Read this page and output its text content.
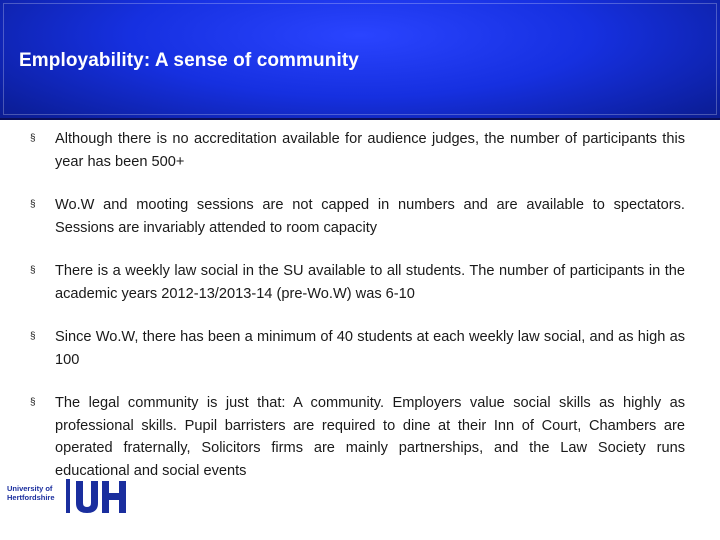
Employability: A sense of community
§	Although there is no accreditation available for audience judges, the number of participants this year has been 500+
§	Wo.W and mooting sessions are not capped in numbers and are available to spectators. Sessions are invariably attended to room capacity
§	There is a weekly law social in the SU available to all students. The number of participants in the academic years 2012-13/2013-14 (pre-Wo.W) was 6-10
§	Since Wo.W, there has been a minimum of 40 students at each weekly law social, and as high as 100
§	The legal community is just that: A community. Employers value social skills as highly as professional skills. Pupil barristers are required to dine at their Inn of Court, Chambers are operated fraternally, Solicitors firms are mainly partnerships, and the Law Society runs educational and social events
University of
Hertfordshire
